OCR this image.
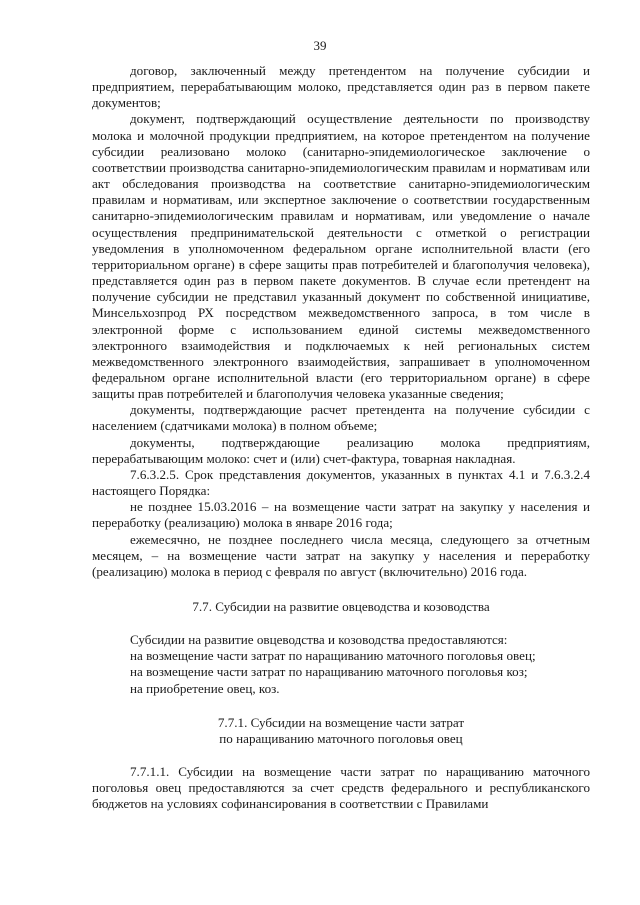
39

договор, заключенный между претендентом на получение субсидии и предприятием, перерабатывающим молоко, представляется один раз в первом пакете документов;

документ, подтверждающий осуществление деятельности по производству молока и молочной продукции предприятием, на которое претендентом на получение субсидии реализовано молоко (санитарно-эпидемиологическое заключение о соответствии производства санитарно-эпидемиологическим правилам и нормативам или акт обследования производства на соответствие санитарно-эпидемиологическим правилам и нормативам, или экспертное заключение о соответствии государственным санитарно-эпидемиологическим правилам и нормативам, или уведомление о начале осуществления предпринимательской деятельности с отметкой о регистрации уведомления в уполномоченном федеральном органе исполнительной власти (его территориальном органе) в сфере защиты прав потребителей и благополучия человека), представляется один раз в первом пакете документов. В случае если претендент на получение субсидии не представил указанный документ по собственной инициативе, Минсельхозпрод РХ посредством межведомственного запроса, в том числе в электронной форме с использованием единой системы межведомственного электронного взаимодействия и подключаемых к ней региональных систем межведомственного электронного взаимодействия, запрашивает в уполномоченном федеральном органе исполнительной власти (его территориальном органе) в сфере защиты прав потребителей и благополучия человека указанные сведения;

документы, подтверждающие расчет претендента на получение субсидии с населением (сдатчиками молока) в полном объеме;

документы, подтверждающие реализацию молока предприятиям, перерабатывающим молоко: счет и (или) счет-фактура, товарная накладная.

7.6.3.2.5. Срок представления документов, указанных в пунктах 4.1 и 7.6.3.2.4 настоящего Порядка:

не позднее 15.03.2016 – на возмещение части затрат на закупку у населения и переработку (реализацию) молока в январе 2016 года;

ежемесячно, не позднее последнего числа месяца, следующего за отчетным месяцем, – на возмещение части затрат на закупку у населения и переработку (реализацию) молока в период с февраля по август (включительно) 2016 года.

7.7. Субсидии на развитие овцеводства и козоводства

Субсидии на развитие овцеводства и козоводства предоставляются:

на возмещение части затрат по наращиванию маточного поголовья овец;

на возмещение части затрат по наращиванию маточного поголовья коз;

на приобретение овец, коз.

7.7.1. Субсидии на возмещение части затрат

по наращиванию маточного поголовья овец

7.7.1.1. Субсидии на возмещение части затрат по наращиванию маточного поголовья овец предоставляются за счет средств федерального и республиканского бюджетов на условиях софинансирования в соответствии с Правилами
